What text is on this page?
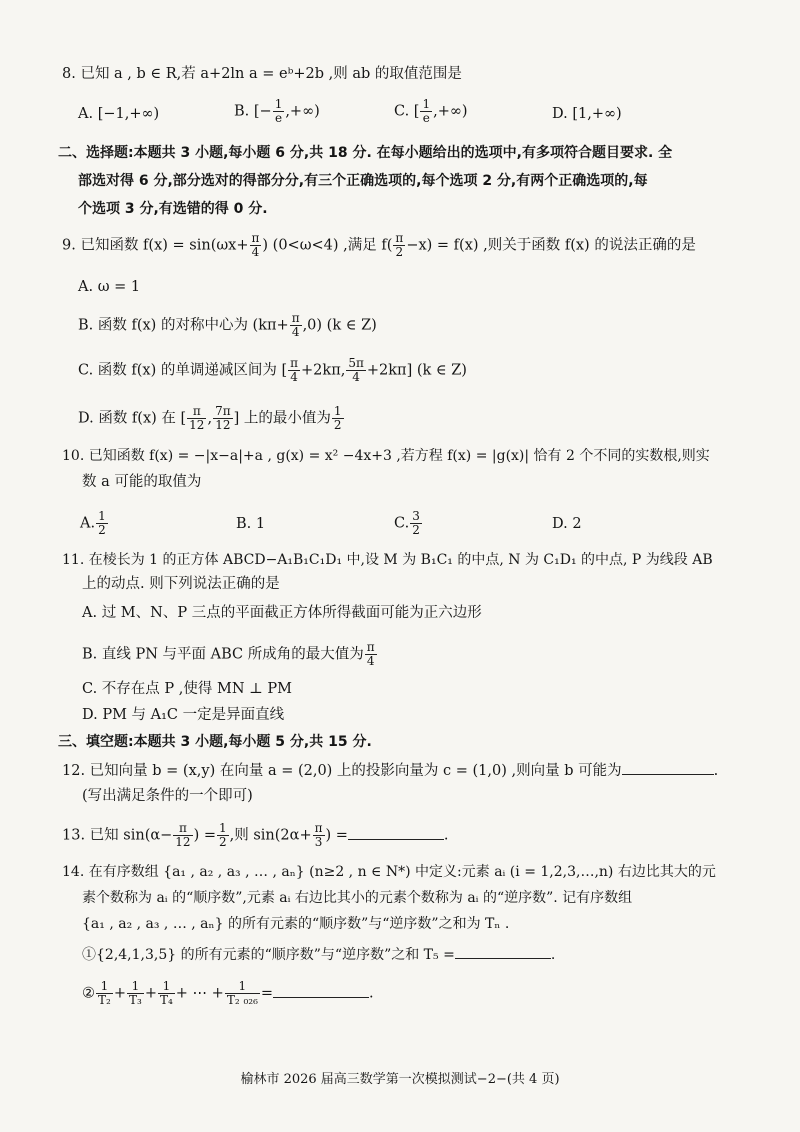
8. 已知 a , b ∈ R,若 a+2ln a = eᵇ+2b ,则 ab 的取值范围是
A. [−1,+∞)	B. [− $\frac{1}{e}$ ,+∞)	C. [ $\frac{1}{e}$ ,+∞)	D. [1,+∞)
二、选择题:本题共 3 小题,每小题 6 分,共 18 分. 在每小题给出的选项中,有多项符合题目要求. 全
部选对得 6 分,部分选对的得部分分,有三个正确选项的,每个选项 2 分,有两个正确选项的,每
个选项 3 分,有选错的得 0 分.
9. 已知函数 $f(x) = \sin(\omega x+ \frac{\pi}{4}$ ) (0<ω<4) ,满足 $f( \frac{\pi}{2} -x) = f(x)$ ,则关于函数 f(x) 的说法正确的是
A. ω = 1
B. 函数 f(x) 的对称中心为 $(k\pi+ \frac{\pi}{4} ,0)$ (k ∈ Z)
C. 函数 f(x) 的单调递减区间为 [ $\frac{\pi}{4} +2k\pi$, $\frac{5\pi}{4} +2k\pi$] (k ∈ Z)
D. 函数 f(x) 在 [ $\frac{\pi}{12}$ , $\frac{7\pi}{12}$ ] 上的最小值为 $\frac{1}{2}$
10. 已知函数 f(x) = −|x−a|+a , g(x) = x² −4x+3 ,若方程 f(x) = |g(x)| 恰有 2 个不同的实数根,则实
数 a 可能的取值为
A. $\frac{1}{2}$	B. 1	C. $\frac{3}{2}$	D. 2
11. 在棱长为 1 的正方体 ABCD−A₁B₁C₁D₁ 中,设 M 为 B₁C₁ 的中点, N 为 C₁D₁ 的中点, P 为线段 AB
上的动点. 则下列说法正确的是
A. 过 M、N、P 三点的平面截正方体所得截面可能为正六边形
B. 直线 PN 与平面 ABC 所成角的最大值为 $\frac{\pi}{4}$
C. 不存在点 P ,使得 MN ⊥ PM
D. PM 与 A₁C 一定是异面直线
三、填空题:本题共 3 小题,每小题 5 分,共 15 分.
12. 已知向量 b = (x,y) 在向量 a = (2,0) 上的投影向量为 c = (1,0) ,则向量 b 可能为	.
(写出满足条件的一个即可)
13. 已知 $\sin(\alpha- \frac{\pi}{12}$ ) = $\frac{1}{2}$ ,则 $\sin(2\alpha+ \frac{\pi}{3}$ ) =	.
14. 在有序数组 {a₁ , a₂ , a₃ , … , aₙ} (n≥2 , n ∈ N*) 中定义:元素 aᵢ (i = 1,2,3,…,n) 右边比其大的元
素个数称为 aᵢ 的“顺序数”,元素 aᵢ 右边比其小的元素个数称为 aᵢ 的“逆序数”. 记有序数组
{a₁ , a₂ , a₃ , … , aₙ} 的所有元素的“顺序数”与“逆序数”之和为 Tₙ .
①{2,4,1,3,5} 的所有元素的“顺序数”与“逆序数”之和 T₅ =	.
② $\frac{1}{\text{T₂}} + \frac{1}{\text{T₃}} + \frac{1}{\text{T₄}}$ + ⋯ + $\frac{1}{\text{T₂ ₀₂₆}}$ =	.
榆林市 2026 届高三数学第一次模拟测试−2−(共 4 页)
